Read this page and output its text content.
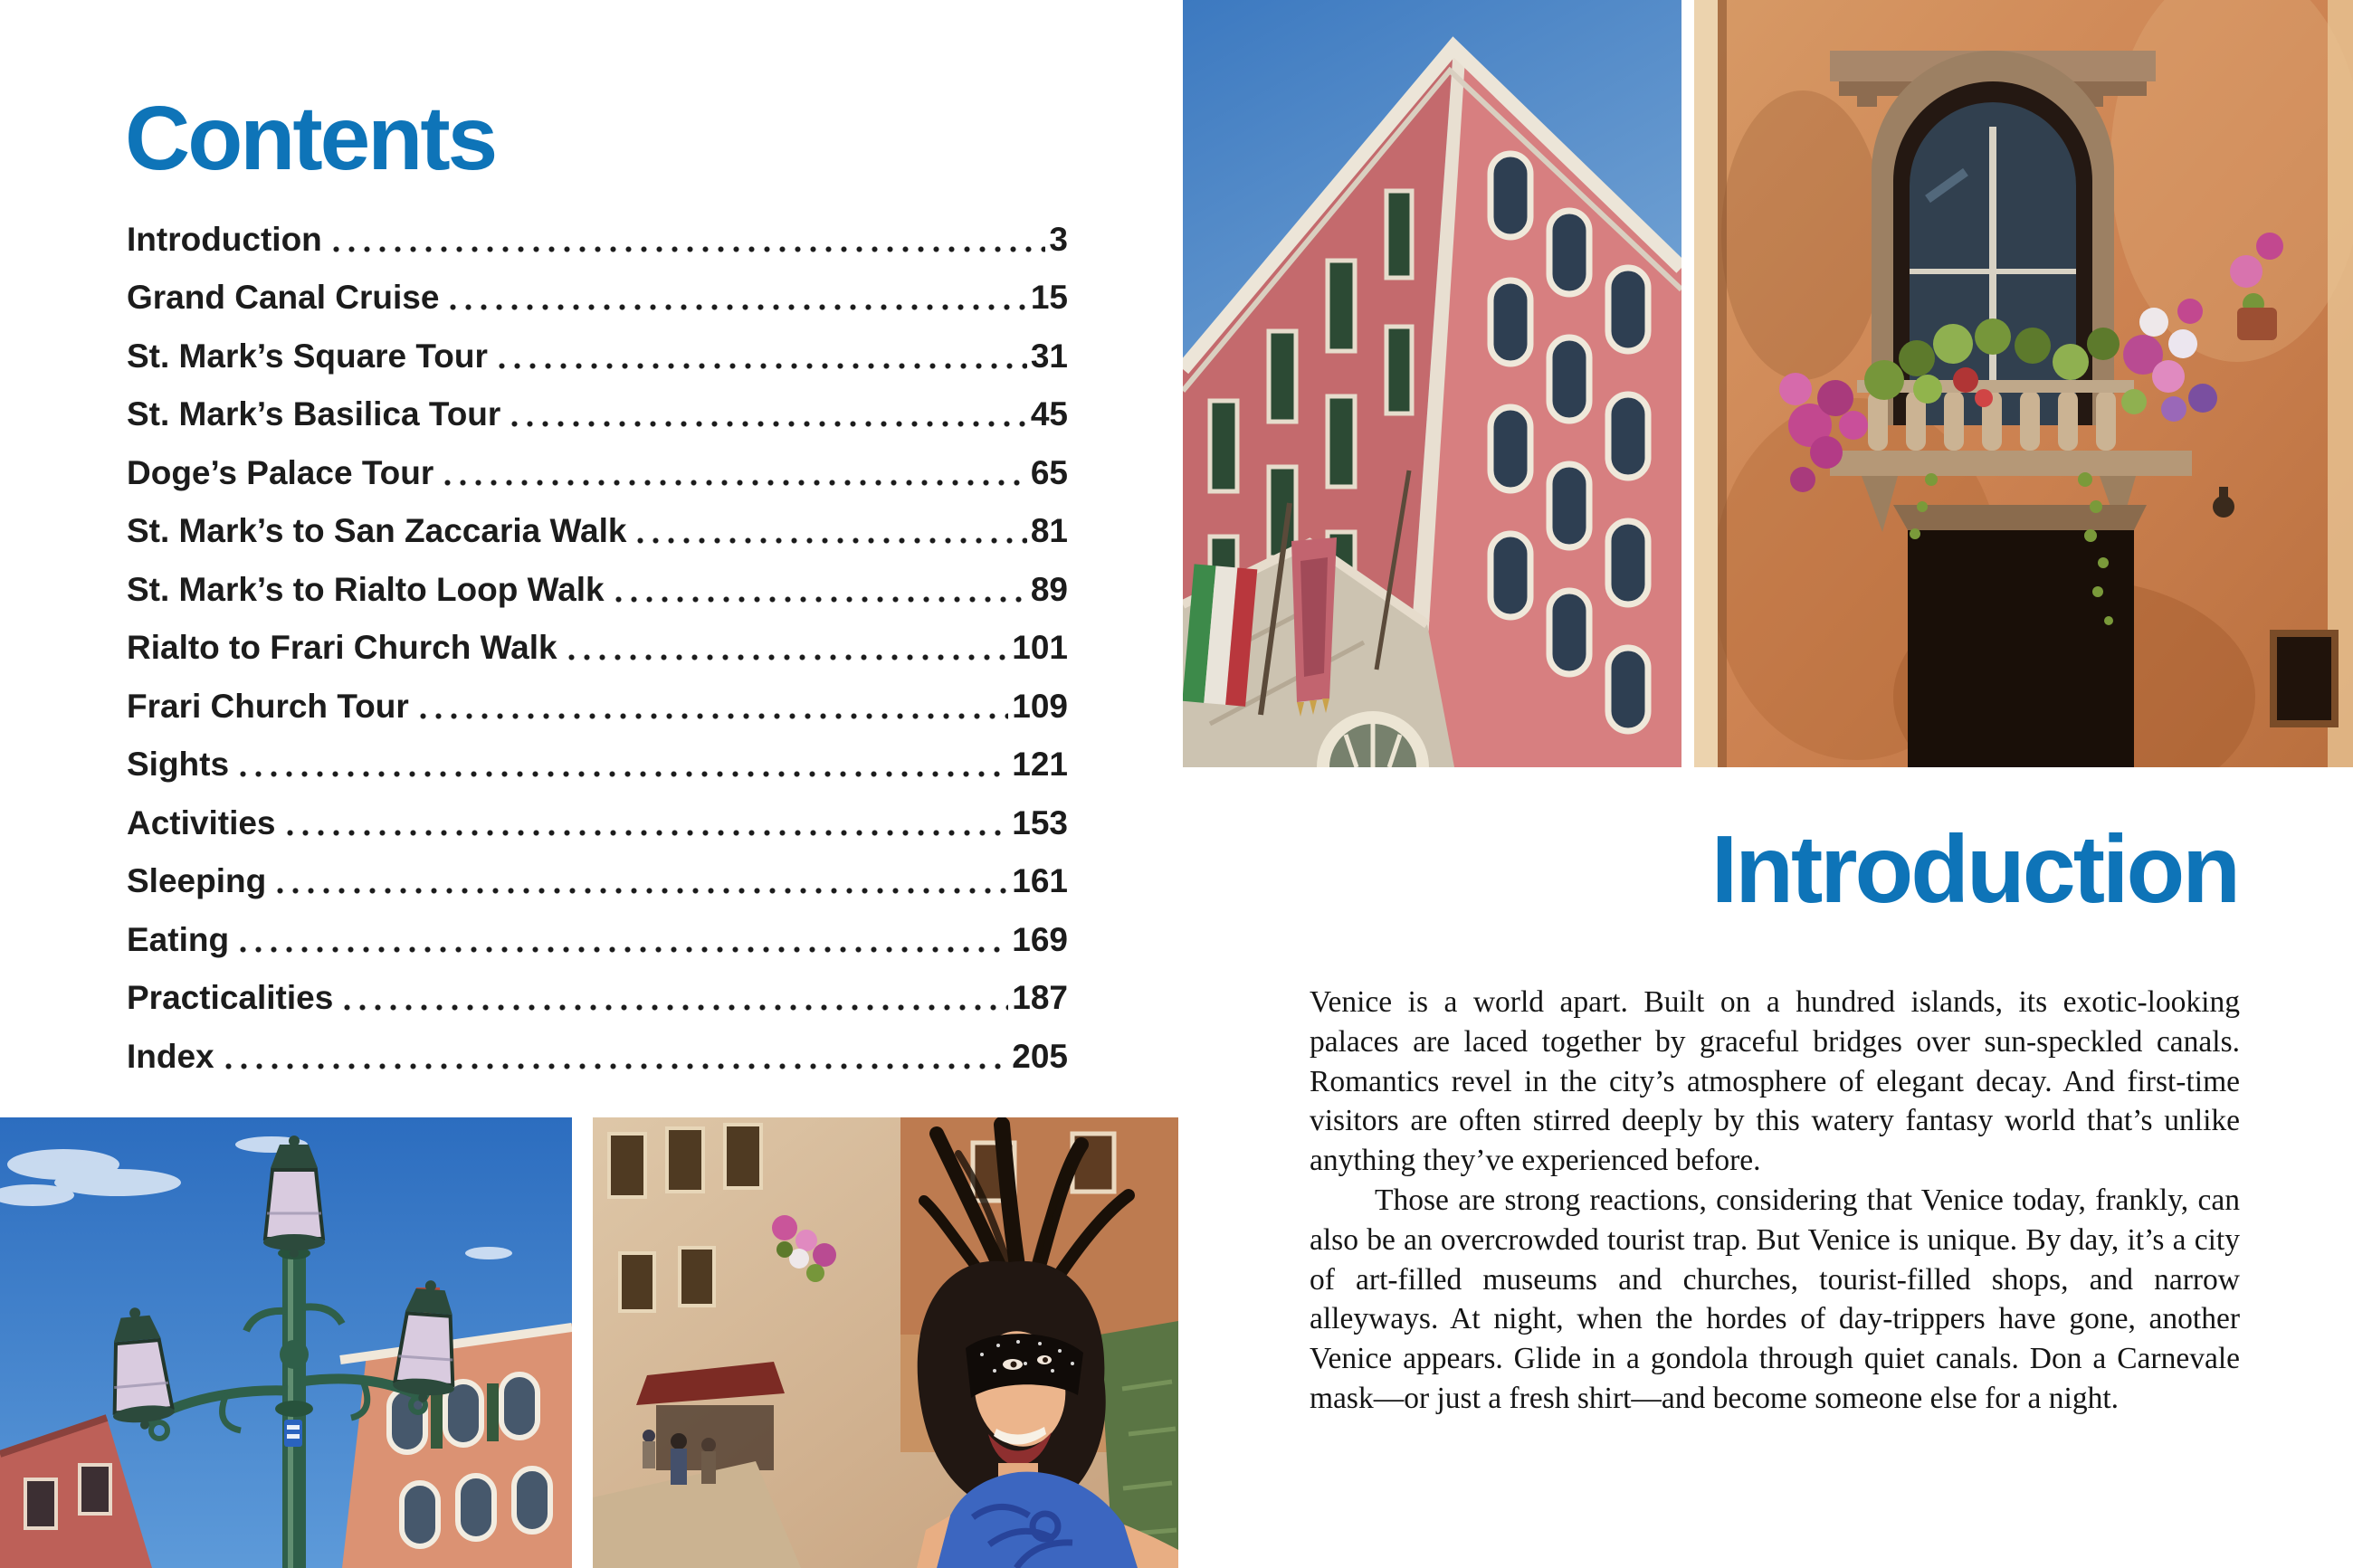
Contents
Introduction	3
Grand Canal Cruise	15
St. Mark’s Square Tour	31
St. Mark’s Basilica Tour	45
Doge’s Palace Tour	65
St. Mark’s to San Zaccaria Walk	81
St. Mark’s to Rialto Loop Walk	89
Rialto to Frari Church Walk	101
Frari Church Tour	109
Sights	121
Activities	153
Sleeping	161
Eating	169
Practicalities	187
Index	205
Introduction

Venice is a world apart. Built on a hundred islands, its exotic-looking palaces are laced together by graceful bridges over sun-speckled canals. Romantics revel in the city’s atmosphere of elegant decay. And first-time visitors are often stirred deeply by this watery fantasy world that’s unlike anything they’ve experienced before.

Those are strong reactions, considering that Venice today, frankly, can also be an overcrowded tourist trap. But Venice is unique. By day, it’s a city of art-filled museums and churches, tourist-filled shops, and narrow alleyways. At night, when the hordes of day-trippers have gone, another Venice appears. Glide in a gondola through quiet canals. Don a Carnevale mask—or just a fresh shirt—and become someone else for a night.
